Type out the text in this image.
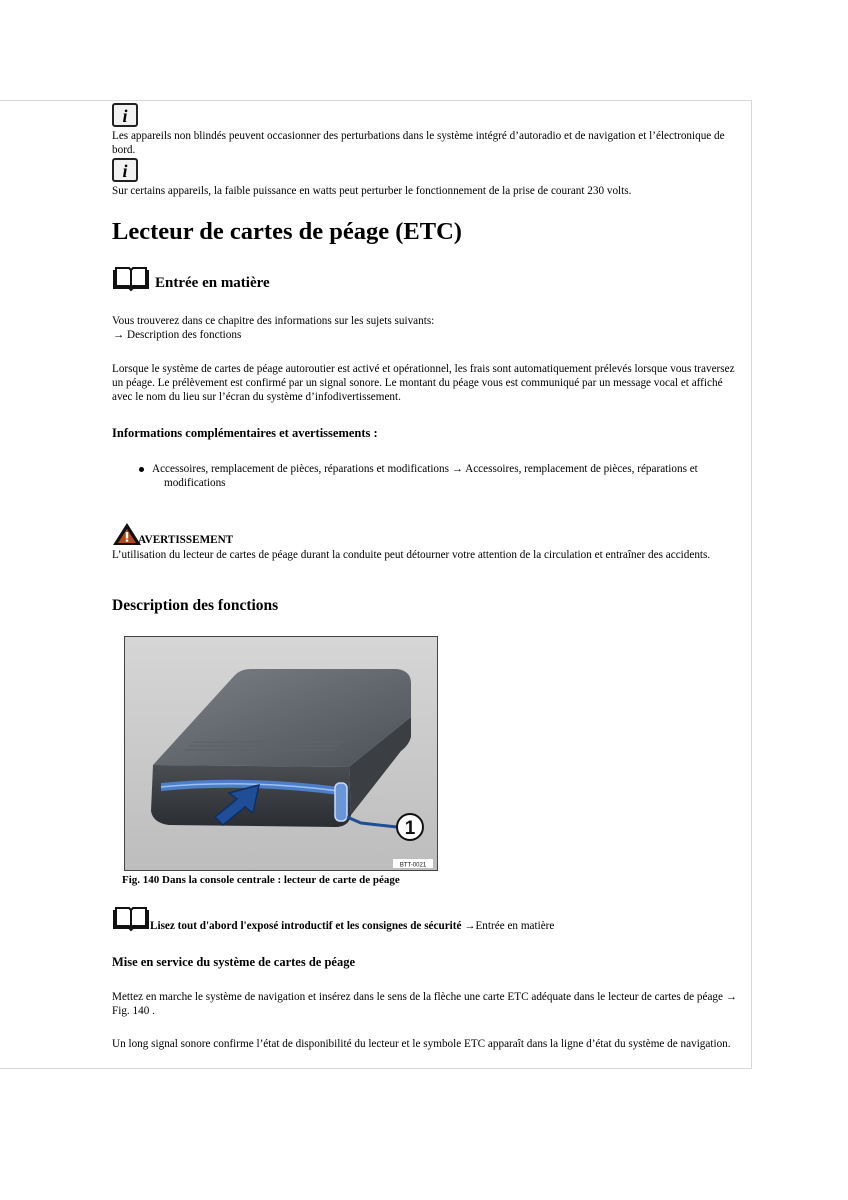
i

Les appareils non blindés peuvent occasionner des perturbations dans le système intégré d’autoradio et de navigation et l’électronique de bord.

i

Sur certains appareils, la faible puissance en watts peut perturber le fonctionnement de la prise de courant 230 volts.

Lecteur de cartes de péage (ETC)
Entrée en matière

Vous trouverez dans ce chapitre des informations sur les sujets suivants:

→ Description des fonctions

Lorsque le système de cartes de péage autoroutier est activé et opérationnel, les frais sont automatiquement prélevés lorsque vous traversez un péage. Le prélèvement est confirmé par un signal sonore. Le montant du péage vous est communiqué par un message vocal et affiché avec le nom du lieu sur l’écran du système d’infodivertissement.

Informations complémentaires et avertissements :

Accessoires, remplacement de pièces, réparations et modifications → Accessoires, remplacement de pièces, réparations et modifications
AVERTISSEMENT

L’utilisation du lecteur de cartes de péage durant la conduite peut détourner votre attention de la circulation et entraîner des accidents.

Description des fonctions
1
BTT-0021

Fig. 140 Dans la console centrale : lecteur de carte de péage

Lisez tout d'abord l'exposé introductif et les consignes de sécurité →Entrée en matière

Mise en service du système de cartes de péage

Mettez en marche le système de navigation et insérez dans le sens de la flèche une carte ETC adéquate dans le lecteur de cartes de péage → Fig. 140 .

Un long signal sonore confirme l’état de disponibilité du lecteur et le symbole ETC apparaît dans la ligne d’état du système de navigation.
